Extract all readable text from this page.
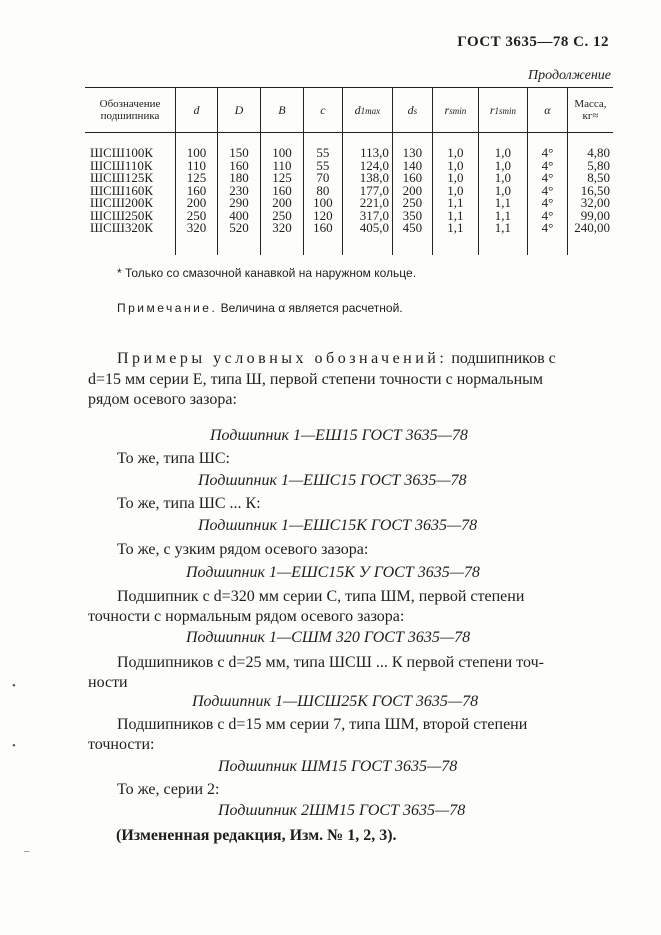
ГОСТ 3635—78 С. 12
Продолжение
Обозначение
подшипника	d	D	B	c	d1max	ds	rsmin	r1smin	α	Масса,
кг≈
ШСШ100К	100	150	100	55	113,0	130	1,0	1,0	4°	4,80
ШСШ110К	110	160	110	55	124,0	140	1,0	1,0	4°	5,80
ШСШ125К	125	180	125	70	138,0	160	1,0	1,0	4°	8,50
ШСШ160К	160	230	160	80	177,0	200	1,0	1,0	4°	16,50
ШСШ200К	200	290	200	100	221,0	250	1,1	1,1	4°	32,00
ШСШ250К	250	400	250	120	317,0	350	1,1	1,1	4°	99,00
ШСШ320К	320	520	320	160	405,0	450	1,1	1,1	4°	240,00

* Только со смазочной канавкой на наружном кольце.
Примечание. Величина α является расчетной.
Примеры условных обозначений: подшипников с
d=15 мм серии Е, типа Ш, первой степени точности с нормальным
рядом осевого зазора:
Подшипник 1—ЕШ15 ГОСТ 3635—78
То же, типа ШС:
Подшипник 1—ЕШС15 ГОСТ 3635—78
То же, типа ШС ... К:
Подшипник 1—ЕШС15К ГОСТ 3635—78
То же, с узким рядом осевого зазора:
Подшипник 1—ЕШС15К У ГОСТ 3635—78
Подшипник с d=320 мм серии С, типа ШМ, первой степени
точности с нормальным рядом осевого зазора:
Подшипник 1—СШМ 320 ГОСТ 3635—78
Подшипников с d=25 мм, типа ШСШ ... К первой степени точ-
ности
Подшипник 1—ШСШ25К ГОСТ 3635—78
Подшипников с d=15 мм серии 7, типа ШМ, второй степени
точности:
Подшипник ШМ15 ГОСТ 3635—78
То же, серии 2:
Подшипник 2ШМ15 ГОСТ 3635—78
(Измененная редакция, Изм. № 1, 2, 3).
•
•
‒
